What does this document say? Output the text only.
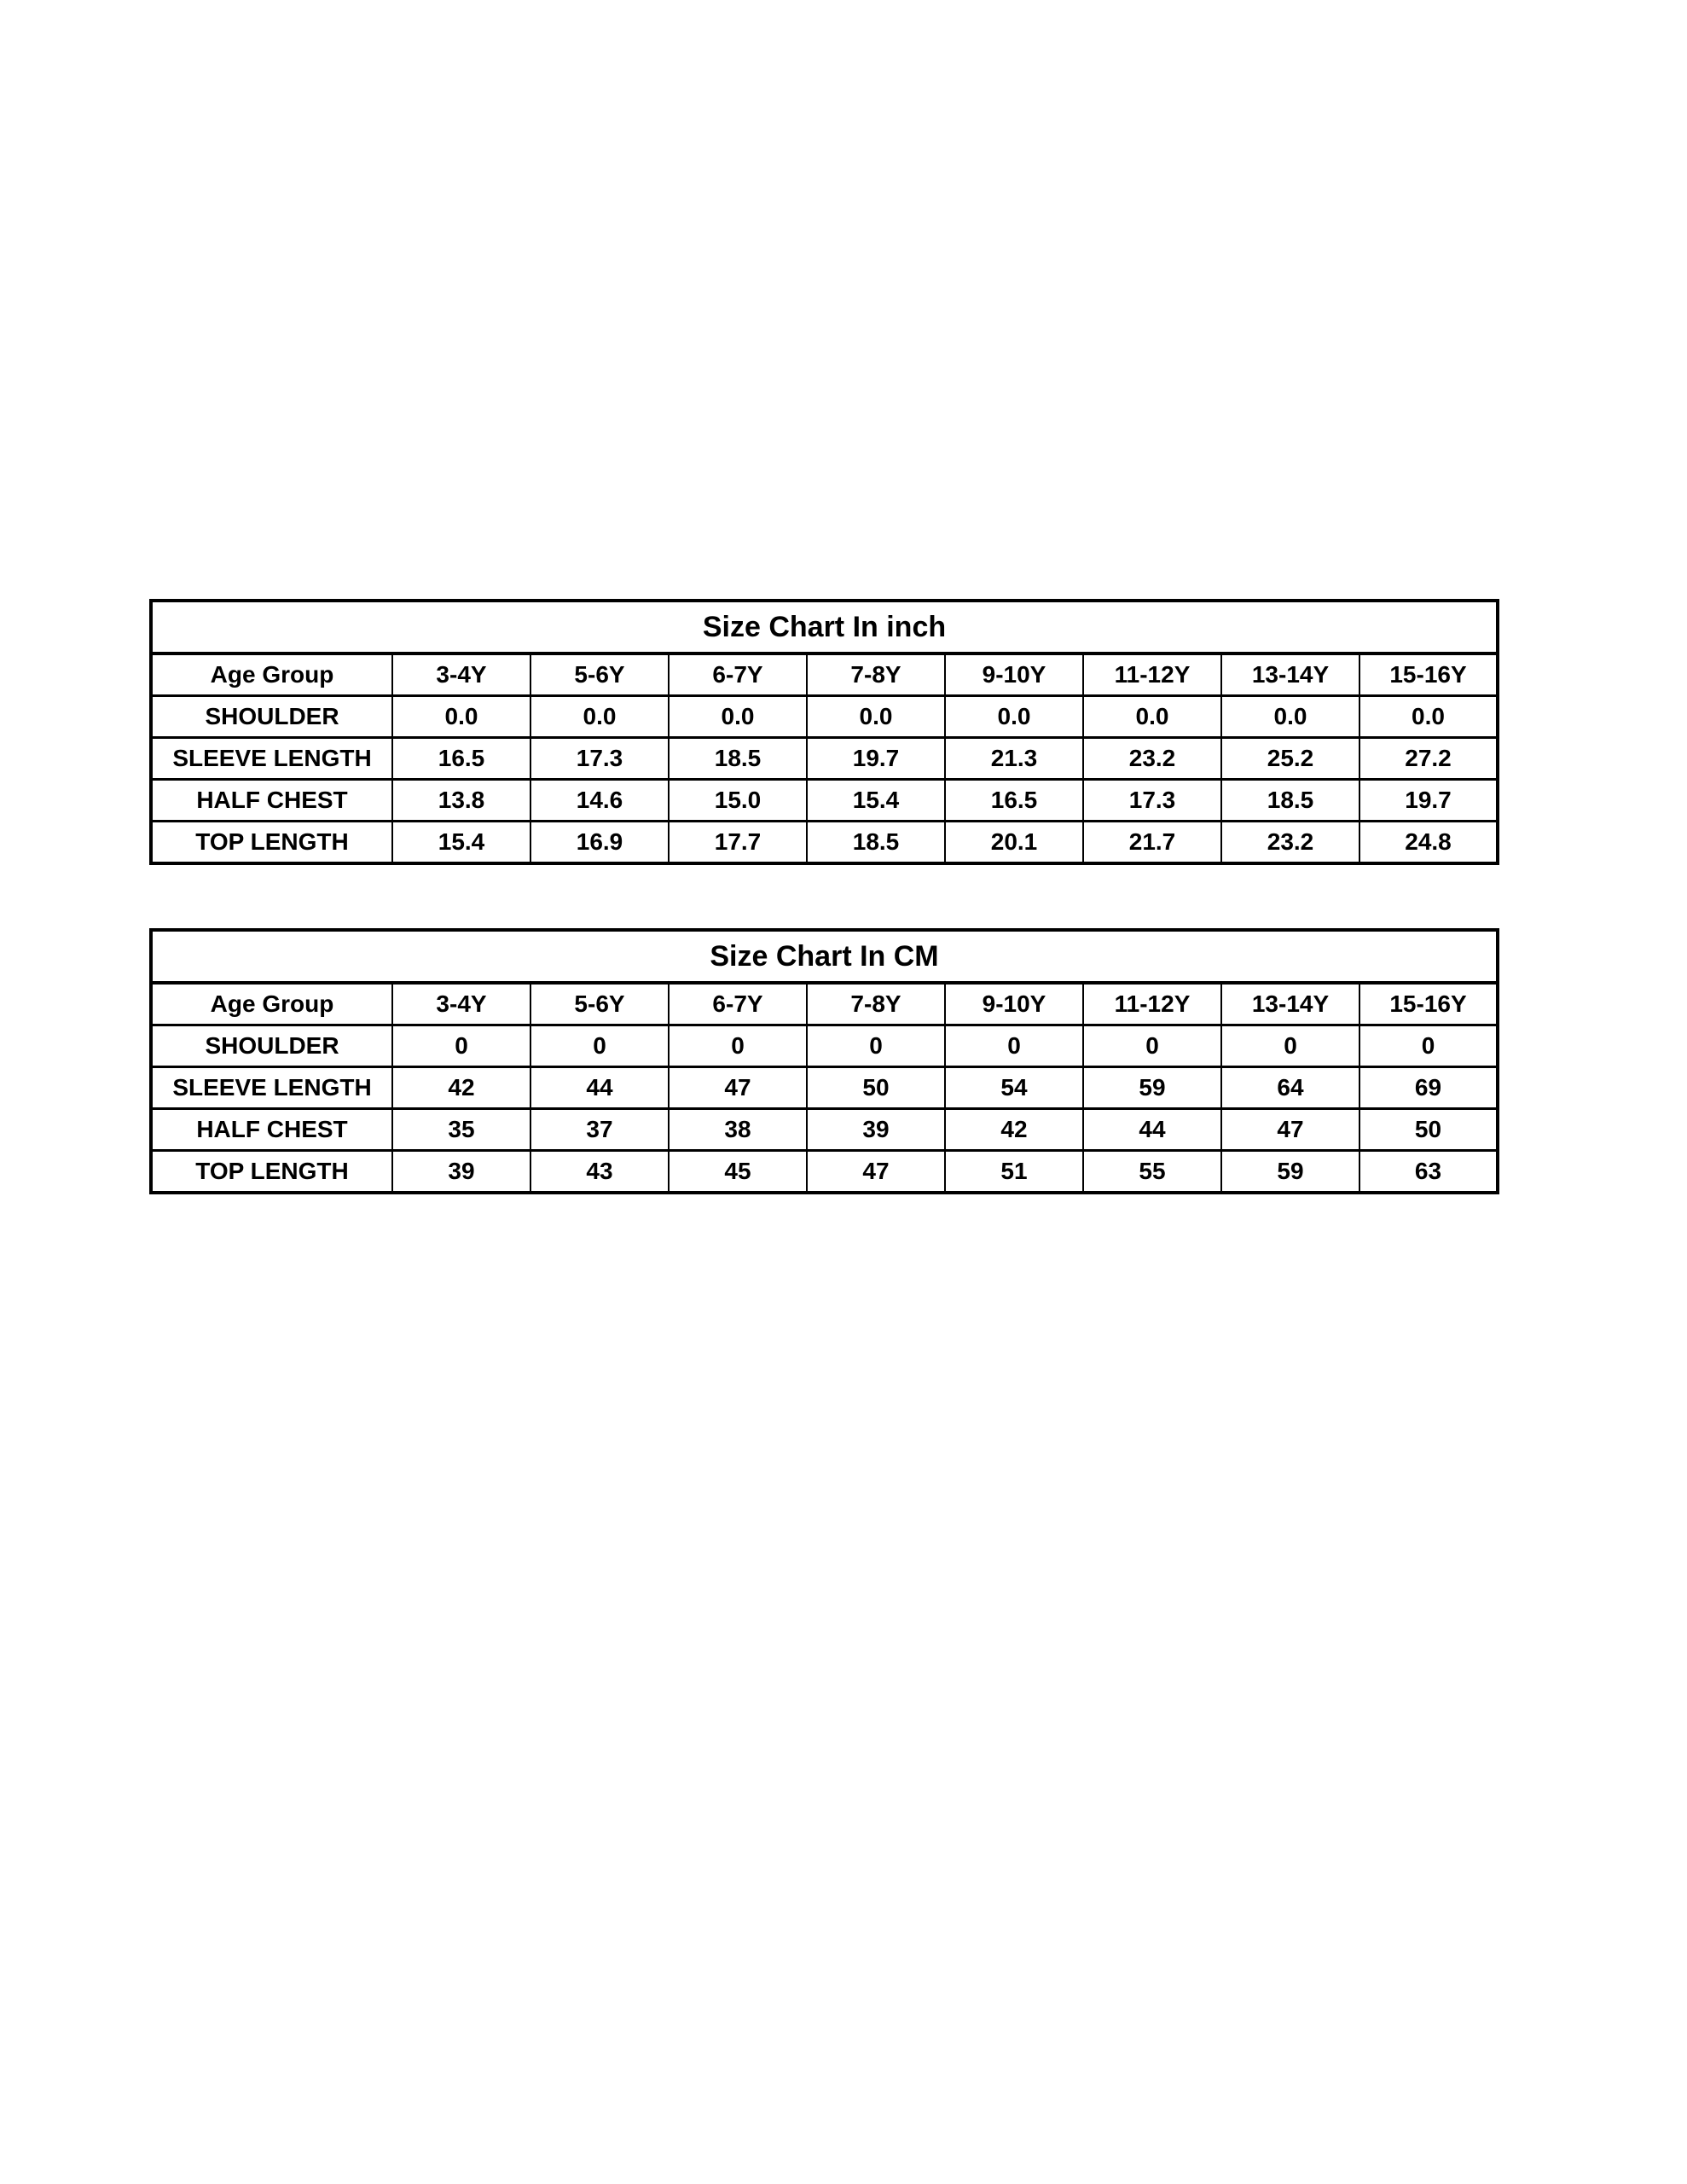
Size Chart In inch								
Age Group	3-4Y	5-6Y	6-7Y	7-8Y	9-10Y	11-12Y	13-14Y	15-16Y
SHOULDER	0.0	0.0	0.0	0.0	0.0	0.0	0.0	0.0
SLEEVE LENGTH	16.5	17.3	18.5	19.7	21.3	23.2	25.2	27.2
HALF CHEST	13.8	14.6	15.0	15.4	16.5	17.3	18.5	19.7
TOP LENGTH	15.4	16.9	17.7	18.5	20.1	21.7	23.2	24.8
Size Chart In CM								
Age Group	3-4Y	5-6Y	6-7Y	7-8Y	9-10Y	11-12Y	13-14Y	15-16Y
SHOULDER	0	0	0	0	0	0	0	0
SLEEVE LENGTH	42	44	47	50	54	59	64	69
HALF CHEST	35	37	38	39	42	44	47	50
TOP LENGTH	39	43	45	47	51	55	59	63
